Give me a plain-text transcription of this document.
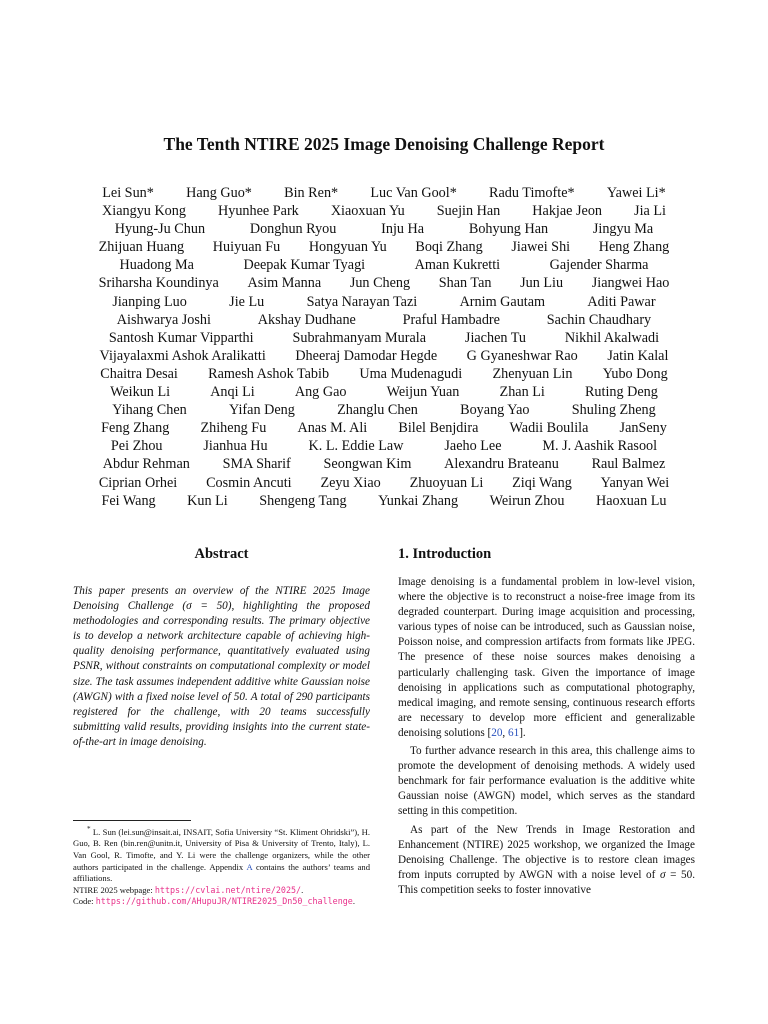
The Tenth NTIRE 2025 Image Denoising Challenge Report
Lei Sun* Hang Guo* Bin Ren* Luc Van Gool* Radu Timofte* Yawei Li*
Xiangyu Kong Hyunhee Park Xiaoxuan Yu Suejin Han Hakjae Jeon Jia Li
Hyung-Ju Chun	Donghun Ryou	Inju Ha	Bohyung Han	Jingyu Ma
Zhijuan Huang Huiyuan Fu Hongyuan Yu Boqi Zhang Jiawei Shi Heng Zhang
Huadong Ma	Deepak Kumar Tyagi	Aman Kukretti	Gajender Sharma
Sriharsha Koundinya Asim Manna Jun Cheng Shan Tan Jun Liu Jiangwei Hao
Jianping Luo	Jie Lu	Satya Narayan Tazi	Arnim Gautam	Aditi Pawar
Aishwarya Joshi	Akshay Dudhane	Praful Hambadre	Sachin Chaudhary
Santosh Kumar Vipparthi	Subrahmanyam Murala	Jiachen Tu	Nikhil Akalwadi
Vijayalaxmi Ashok Aralikatti Dheeraj Damodar Hegde G Gyaneshwar Rao Jatin Kalal
Chaitra Desai Ramesh Ashok Tabib Uma Mudenagudi Zhenyuan Lin Yubo Dong
Weikun Li	Anqi Li	Ang Gao	Weijun Yuan	Zhan Li	Ruting Deng
Yihang Chen	Yifan Deng	Zhanglu Chen	Boyang Yao	Shuling Zheng
Feng Zhang Zhiheng Fu Anas M. Ali Bilel Benjdira Wadii Boulila JanSeny
Pei Zhou	Jianhua Hu	K. L. Eddie Law	Jaeho Lee	M. J. Aashik Rasool
Abdur Rehman SMA Sharif Seongwan Kim Alexandru Brateanu Raul Balmez
Ciprian Orhei Cosmin Ancuti Zeyu Xiao Zhuoyuan Li Ziqi Wang Yanyan Wei
Fei Wang Kun Li Shengeng Tang Yunkai Zhang Weirun Zhou Haoxuan Lu
Abstract
This paper presents an overview of the NTIRE 2025 Image Denoising Challenge (σ = 50), highlighting the proposed methodologies and corresponding results. The primary objective is to develop a network architecture capable of achieving high-quality denoising performance, quantitatively evaluated using PSNR, without constraints on computational complexity or model size. The task assumes independent additive white Gaussian noise (AWGN) with a fixed noise level of 50. A total of 290 participants registered for the challenge, with 20 teams successfully submitting valid results, providing insights into the current state-of-the-art in image denoising.
* L. Sun (lei.sun@insait.ai, INSAIT, Sofia University “St. Kliment Ohridski”), H. Guo, B. Ren (bin.ren@unitn.it, University of Pisa & University of Trento, Italy), L. Van Gool, R. Timofte, and Y. Li were the challenge organizers, while the other authors participated in the challenge. Appendix A contains the authors’ teams and affiliations.
NTIRE 2025 webpage: https://cvlai.net/ntire/2025/.
Code: https://github.com/AHupuJR/NTIRE2025_Dn50_challenge.
1. Introduction

Image denoising is a fundamental problem in low-level vision, where the objective is to reconstruct a noise-free image from its degraded counterpart. During image acquisition and processing, various types of noise can be introduced, such as Gaussian noise, Poisson noise, and compression artifacts from formats like JPEG. The presence of these noise sources makes denoising a particularly challenging task. Given the importance of image denoising in applications such as computational photography, medical imaging, and remote sensing, continuous research efforts are necessary to develop more efficient and generalizable denoising solutions [20, 61].

To further advance research in this area, this challenge aims to promote the development of denoising methods. A widely used benchmark for fair performance evaluation is the additive white Gaussian noise (AWGN) model, which serves as the standard setting in this competition.

As part of the New Trends in Image Restoration and Enhancement (NTIRE) 2025 workshop, we organized the Image Denoising Challenge. The objective is to restore clean images from inputs corrupted by AWGN with a noise level of σ = 50. This competition seeks to foster innovative
